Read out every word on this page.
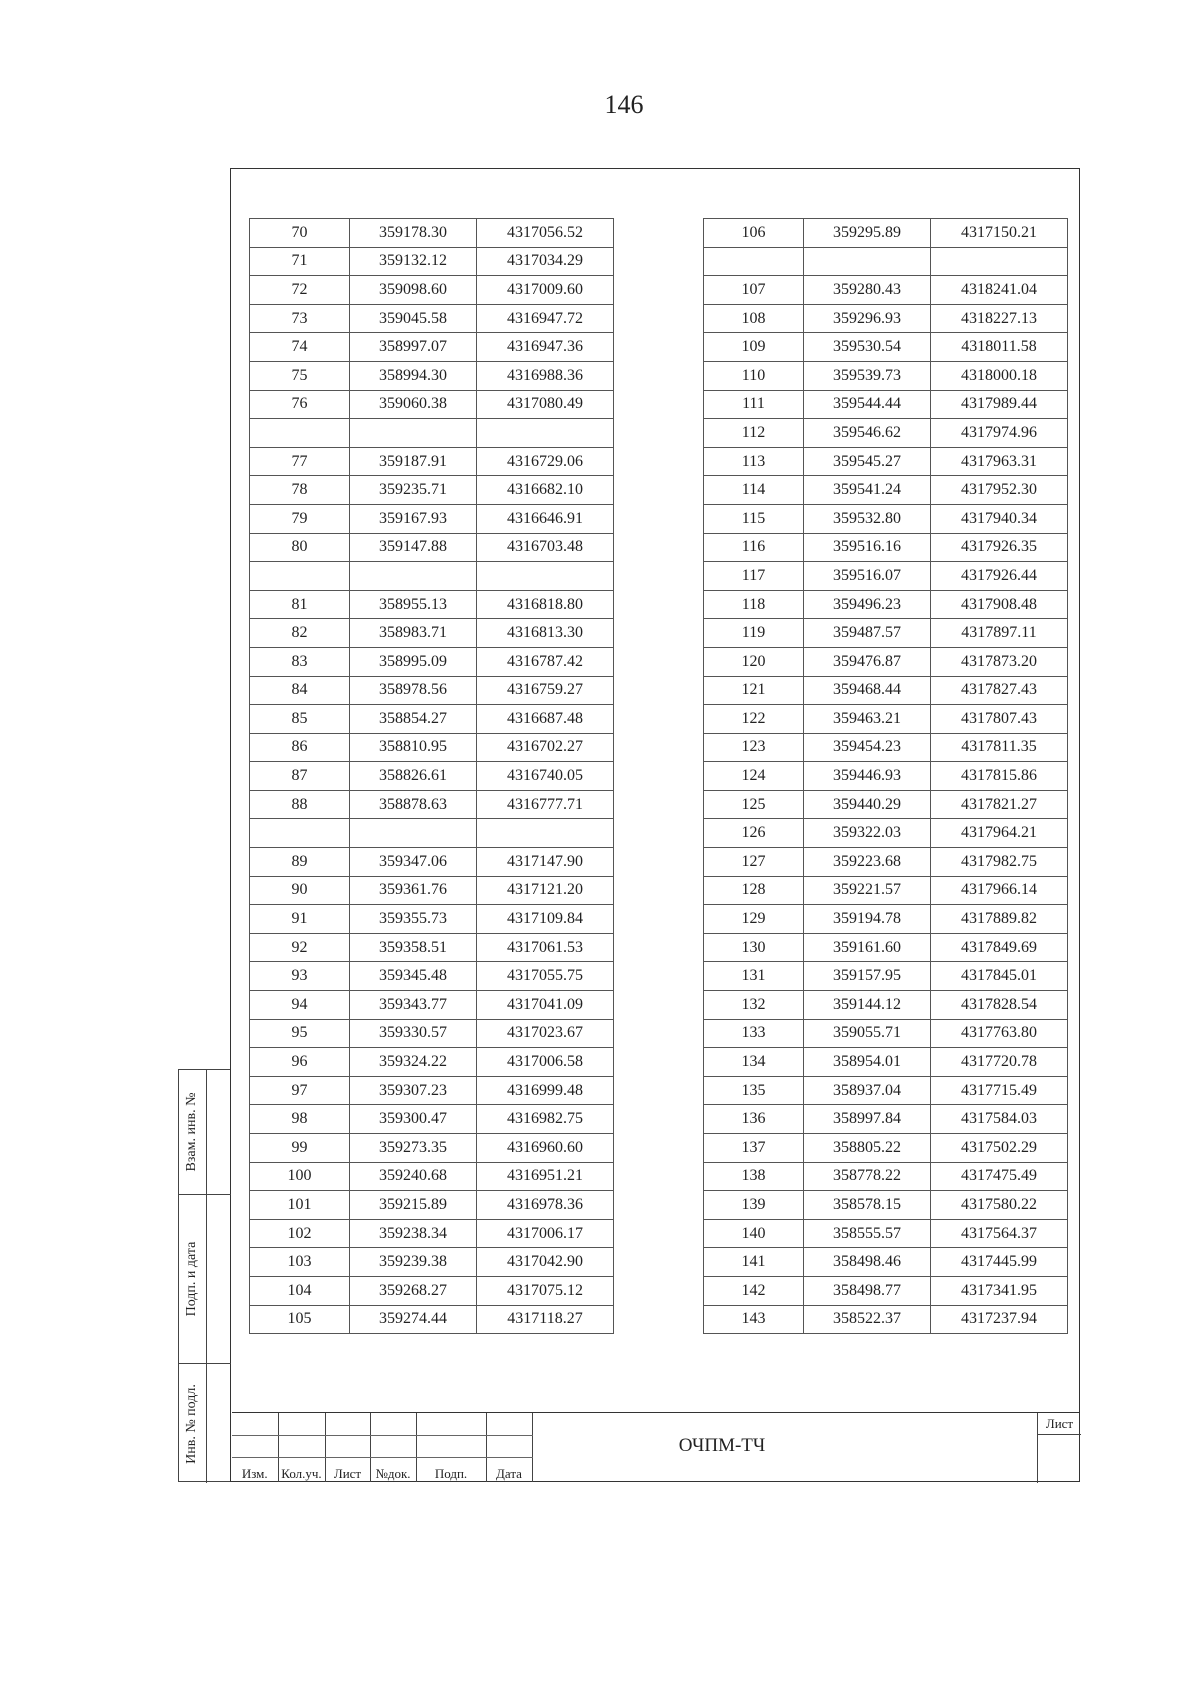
146
70	359178.30	4317056.52
71	359132.12	4317034.29
72	359098.60	4317009.60
73	359045.58	4316947.72
74	358997.07	4316947.36
75	358994.30	4316988.36
76	359060.38	4317080.49

77	359187.91	4316729.06
78	359235.71	4316682.10
79	359167.93	4316646.91
80	359147.88	4316703.48

81	358955.13	4316818.80
82	358983.71	4316813.30
83	358995.09	4316787.42
84	358978.56	4316759.27
85	358854.27	4316687.48
86	358810.95	4316702.27
87	358826.61	4316740.05
88	358878.63	4316777.71

89	359347.06	4317147.90
90	359361.76	4317121.20
91	359355.73	4317109.84
92	359358.51	4317061.53
93	359345.48	4317055.75
94	359343.77	4317041.09
95	359330.57	4317023.67
96	359324.22	4317006.58
97	359307.23	4316999.48
98	359300.47	4316982.75
99	359273.35	4316960.60
100	359240.68	4316951.21
101	359215.89	4316978.36
102	359238.34	4317006.17
103	359239.38	4317042.90
104	359268.27	4317075.12
105	359274.44	4317118.27
106	359295.89	4317150.21

107	359280.43	4318241.04
108	359296.93	4318227.13
109	359530.54	4318011.58
110	359539.73	4318000.18
111	359544.44	4317989.44
112	359546.62	4317974.96
113	359545.27	4317963.31
114	359541.24	4317952.30
115	359532.80	4317940.34
116	359516.16	4317926.35
117	359516.07	4317926.44
118	359496.23	4317908.48
119	359487.57	4317897.11
120	359476.87	4317873.20
121	359468.44	4317827.43
122	359463.21	4317807.43
123	359454.23	4317811.35
124	359446.93	4317815.86
125	359440.29	4317821.27
126	359322.03	4317964.21
127	359223.68	4317982.75
128	359221.57	4317966.14
129	359194.78	4317889.82
130	359161.60	4317849.69
131	359157.95	4317845.01
132	359144.12	4317828.54
133	359055.71	4317763.80
134	358954.01	4317720.78
135	358937.04	4317715.49
136	358997.84	4317584.03
137	358805.22	4317502.29
138	358778.22	4317475.49
139	358578.15	4317580.22
140	358555.57	4317564.37
141	358498.46	4317445.99
142	358498.77	4317341.95
143	358522.37	4317237.94
Взам. инв. №
Подп. и дата
Инв. № подл.

Изм.	Кол.уч.	Лист	№док.	Подп.	Дата
ОЧПМ-ТЧ
Лист
